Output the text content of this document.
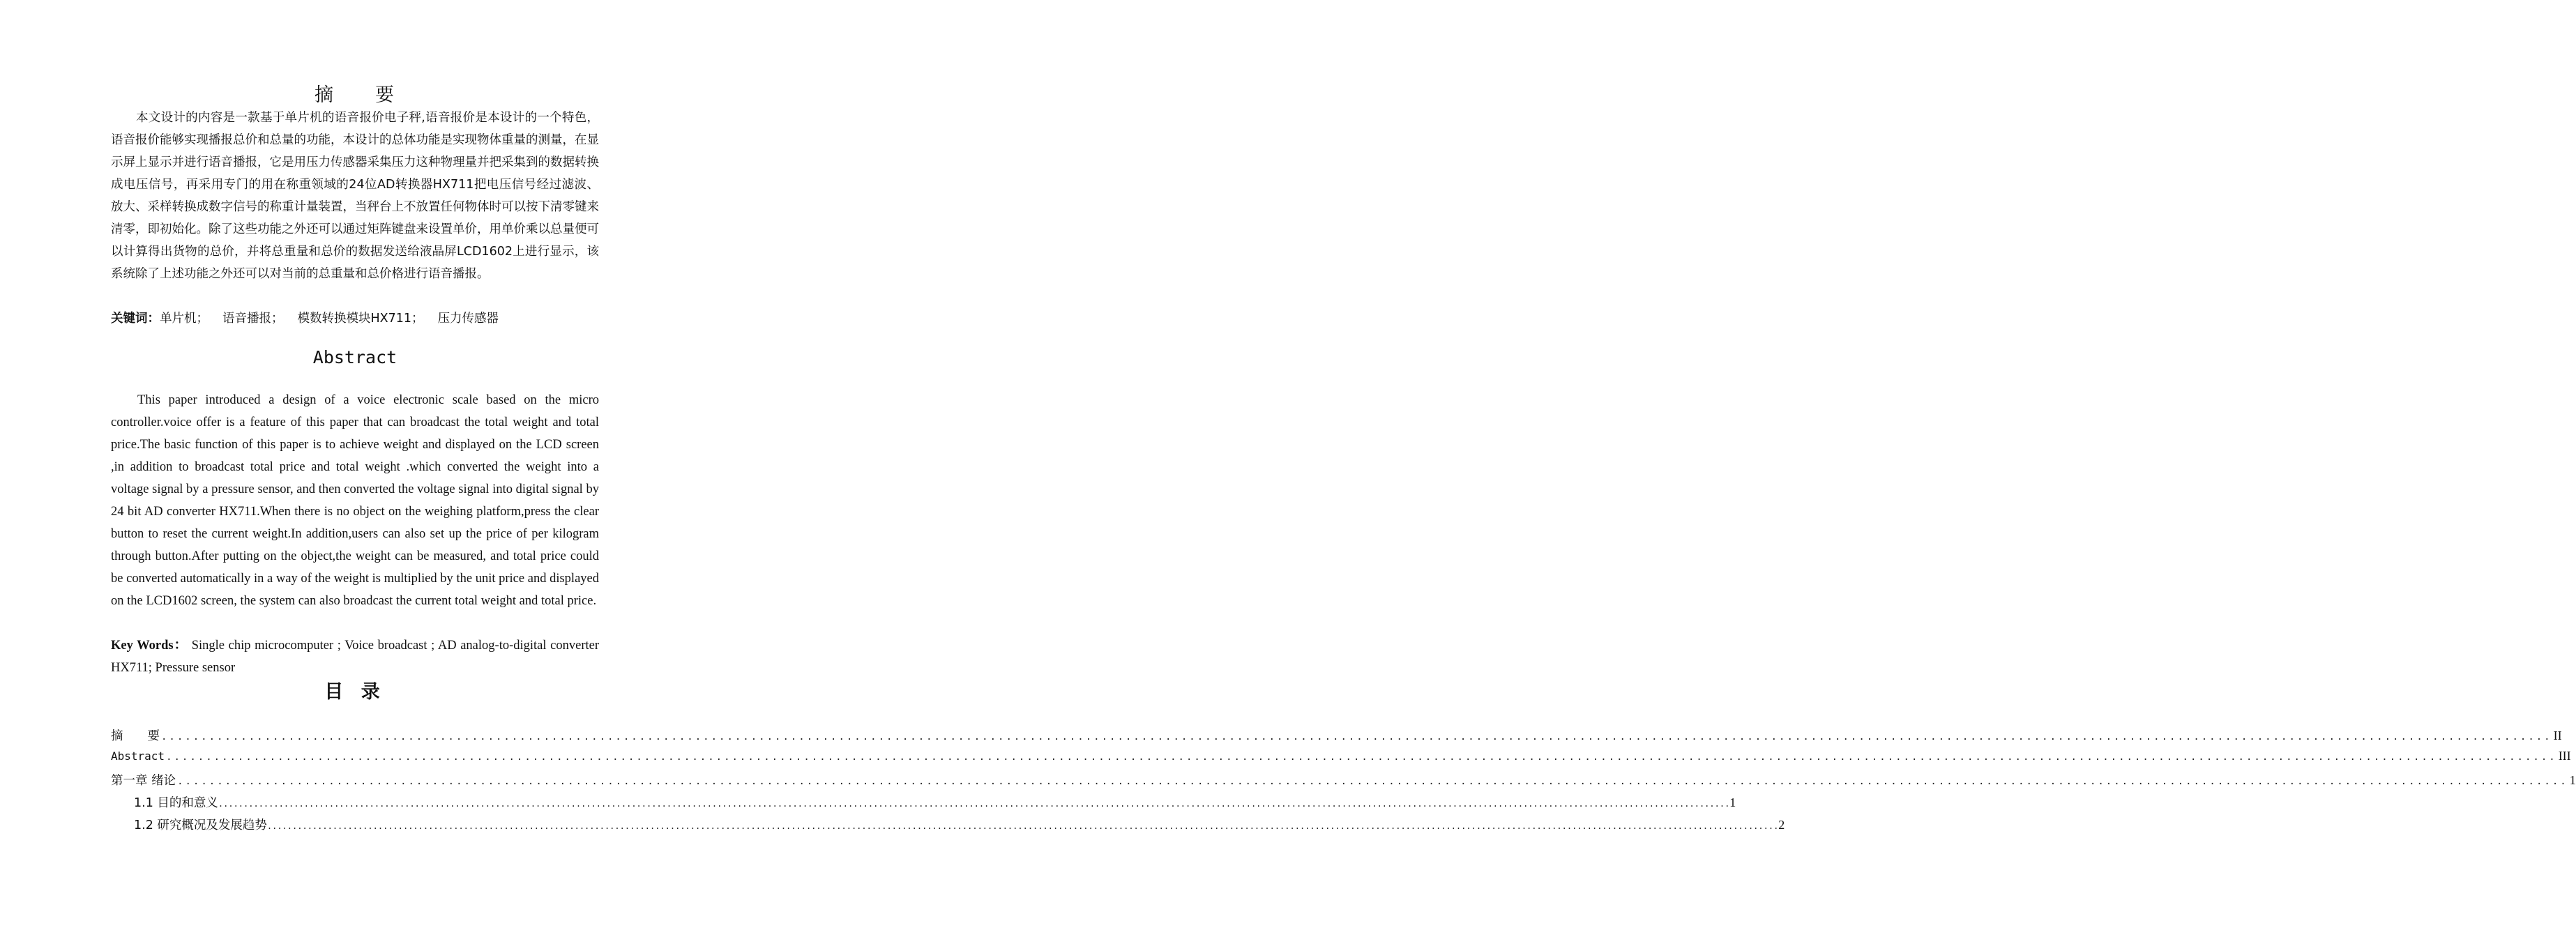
摘　　要

本文设计的内容是一款基于单片机的语音报价电子秤,语音报价是本设计的一个特色，语音报价能够实现播报总价和总量的功能，本设计的总体功能是实现物体重量的测量，在显示屏上显示并进行语音播报，它是用压力传感器采集压力这种物理量并把采集到的数据转换成电压信号，再采用专门的用在称重领域的24位AD转换器HX711把电压信号经过滤波、放大、采样转换成数字信号的称重计量装置，当秤台上不放置任何物体时可以按下清零键来清零，即初始化。除了这些功能之外还可以通过矩阵键盘来设置单价，用单价乘以总量便可以计算得出货物的总价，并将总重量和总价的数据发送给液晶屏LCD1602上进行显示，该系统除了上述功能之外还可以对当前的总重量和总价格进行语音播报。

关键词：单片机； 语音播报； 模数转换模块HX711； 压力传感器
Abstract

This paper introduced a design of a voice electronic scale based on the micro controller.voice offer is a feature of this paper that can broadcast the total weight and total price.The basic function of this paper is to achieve weight and displayed on the LCD screen ,in addition to broadcast total price and total weight .which converted the weight into a voltage signal by a pressure sensor, and then converted the voltage signal into digital signal by 24 bit AD converter HX711.When there is no object on the weighing platform,press the clear button to reset the current weight.In addition,users can also set up the price of per kilogram through button.After putting on the object,the weight can be measured, and total price could be converted automatically in a way of the weight is multiplied by the unit price and displayed on the LCD1602 screen, the system can also broadcast the current total weight and total price.

Key Words： Single chip microcomputer ; Voice broadcast ; AD analog-to-digital converter HX711; Pressure sensor

目 录
摘　　要 ............................................................................................................................................................................................................................................................................................................ II
Abstract ............................................................................................................................................................................................................................................................................................................ III
第一章 绪论 ............................................................................................................................................................................................................................................................................................................ 1
1.1 目的和意义 ............................................................................................................................................................................................................................................................................................................ 1
1.2 研究概况及发展趋势 ............................................................................................................................................................................................................................................................................................................ 2
